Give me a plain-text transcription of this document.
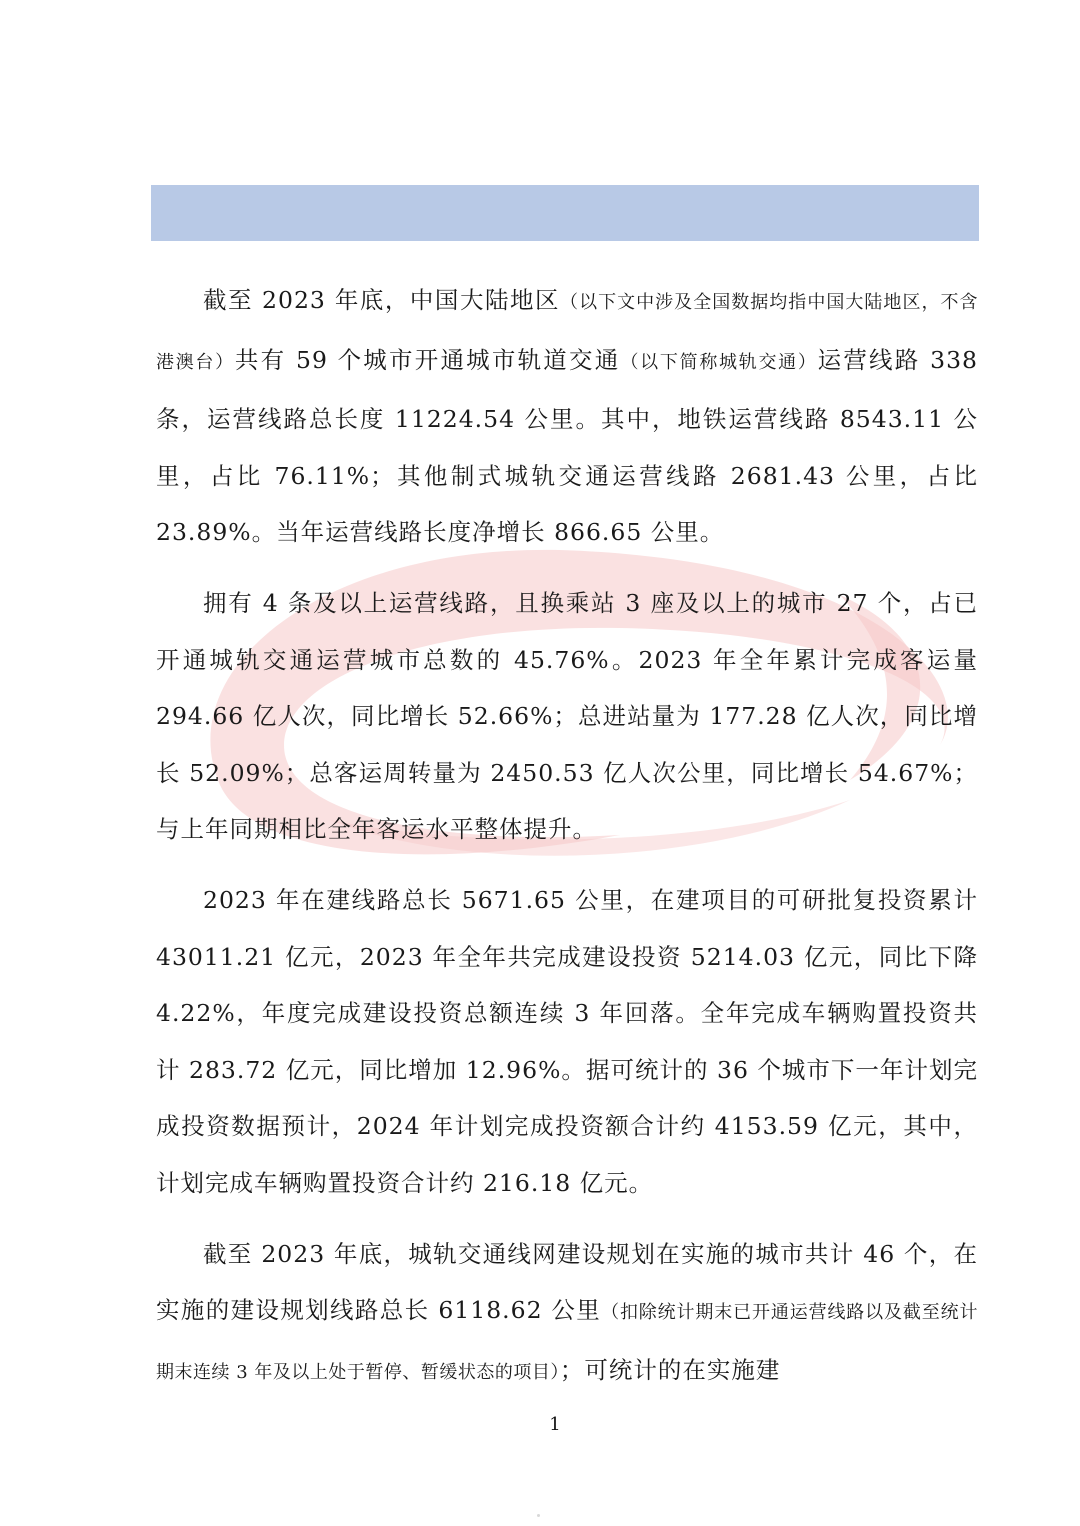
截至 2023 年底，中国大陆地区（以下文中涉及全国数据均指中国大陆地区，不含港澳台）共有 59 个城市开通城市轨道交通（以下简称城轨交通）运营线路 338 条，运营线路总长度 11224.54 公里。其中，地铁运营线路 8543.11 公里，占比 76.11%；其他制式城轨交通运营线路 2681.43 公里，占比 23.89%。当年运营线路长度净增长 866.65 公里。

拥有 4 条及以上运营线路，且换乘站 3 座及以上的城市 27 个，占已开通城轨交通运营城市总数的 45.76%。2023 年全年累计完成客运量 294.66 亿人次，同比增长 52.66%；总进站量为 177.28 亿人次，同比增长 52.09%；总客运周转量为 2450.53 亿人次公里，同比增长 54.67%；与上年同期相比全年客运水平整体提升。

2023 年在建线路总长 5671.65 公里，在建项目的可研批复投资累计 43011.21 亿元，2023 年全年共完成建设投资 5214.03 亿元，同比下降 4.22%，年度完成建设投资总额连续 3 年回落。全年完成车辆购置投资共计 283.72 亿元，同比增加 12.96%。据可统计的 36 个城市下一年计划完成投资数据预计，2024 年计划完成投资额合计约 4153.59 亿元，其中，计划完成车辆购置投资合计约 216.18 亿元。

截至 2023 年底，城轨交通线网建设规划在实施的城市共计 46 个，在实施的建设规划线路总长 6118.62 公里（扣除统计期末已开通运营线路以及截至统计期末连续 3 年及以上处于暂停、暂缓状态的项目）；可统计的在实施建

1
